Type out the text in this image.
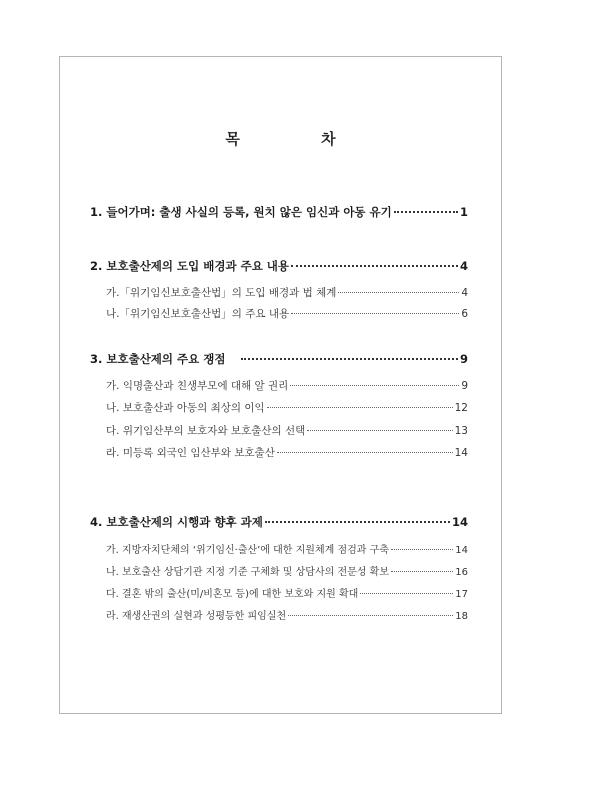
목 차
1. 들어가며: 출생 사실의 등록, 원치 않은 임신과 아동 유기	1
2. 보호출산제의 도입 배경과 주요 내용	4
가.「위기임신보호출산법」의 도입 배경과 법 체계	4
나.「위기임신보호출산법」의 주요 내용	6
3. 보호출산제의 주요 쟁점	9
가. 익명출산과 친생부모에 대해 알 권리	9
나. 보호출산과 아동의 최상의 이익	12
다. 위기임산부의 보호자와 보호출산의 선택	13
라. 미등록 외국인 임산부와 보호출산	14
4. 보호출산제의 시행과 향후 과제	14
가. 지방자치단체의 ‘위기임신·출산’에 대한 지원체계 점검과 구축	14
나. 보호출산 상담기관 지정 기준 구체화 및 상담사의 전문성 확보	16
다. 결혼 밖의 출산(미/비혼모 등)에 대한 보호와 지원 확대	17
라. 재생산권의 실현과 성평등한 피임실천	18
